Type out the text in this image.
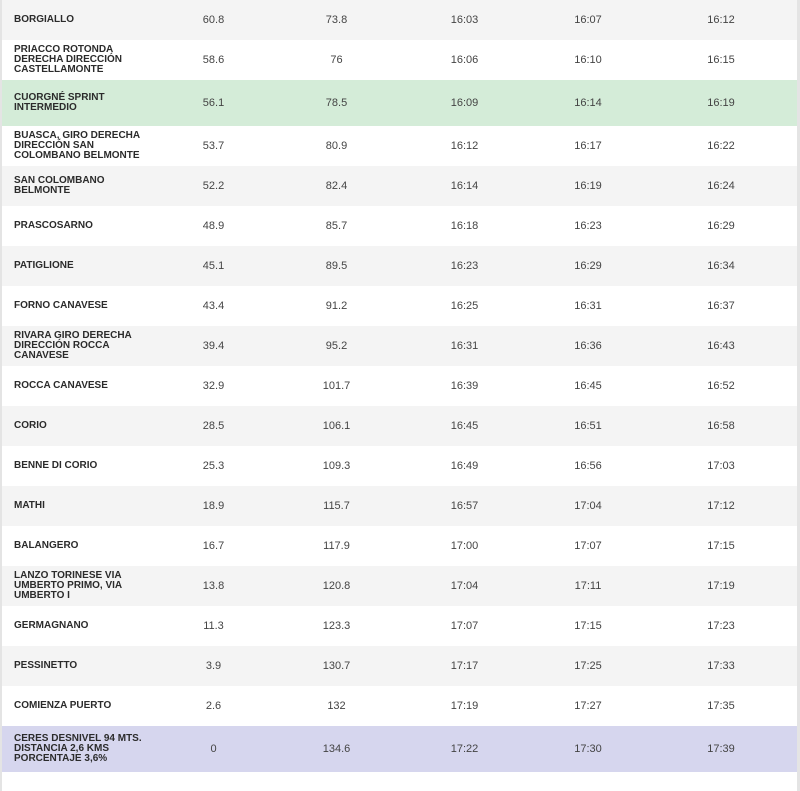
BORGIALLO	60.8	73.8	16:03	16:07	16:12
PRIACCO ROTONDA DERECHA DIRECCIÓN CASTELLAMONTE	58.6	76	16:06	16:10	16:15
CUORGNÉ SPRINT INTERMEDIO	56.1	78.5	16:09	16:14	16:19
BUASCA, GIRO DERECHA DIRECCIÓN SAN COLOMBANO BELMONTE	53.7	80.9	16:12	16:17	16:22
SAN COLOMBANO BELMONTE	52.2	82.4	16:14	16:19	16:24
PRASCOSARNO	48.9	85.7	16:18	16:23	16:29
PATIGLIONE	45.1	89.5	16:23	16:29	16:34
FORNO CANAVESE	43.4	91.2	16:25	16:31	16:37
RIVARA GIRO DERECHA DIRECCIÓN ROCCA CANAVESE	39.4	95.2	16:31	16:36	16:43
ROCCA CANAVESE	32.9	101.7	16:39	16:45	16:52
CORIO	28.5	106.1	16:45	16:51	16:58
BENNE DI CORIO	25.3	109.3	16:49	16:56	17:03
MATHI	18.9	115.7	16:57	17:04	17:12
BALANGERO	16.7	117.9	17:00	17:07	17:15
LANZO TORINESE VIA UMBERTO PRIMO, VIA UMBERTO I	13.8	120.8	17:04	17:11	17:19
GERMAGNANO	11.3	123.3	17:07	17:15	17:23
PESSINETTO	3.9	130.7	17:17	17:25	17:33
COMIENZA PUERTO	2.6	132	17:19	17:27	17:35
CERES DESNIVEL 94 MTS. DISTANCIA 2,6 KMS PORCENTAJE 3,6%	0	134.6	17:22	17:30	17:39
